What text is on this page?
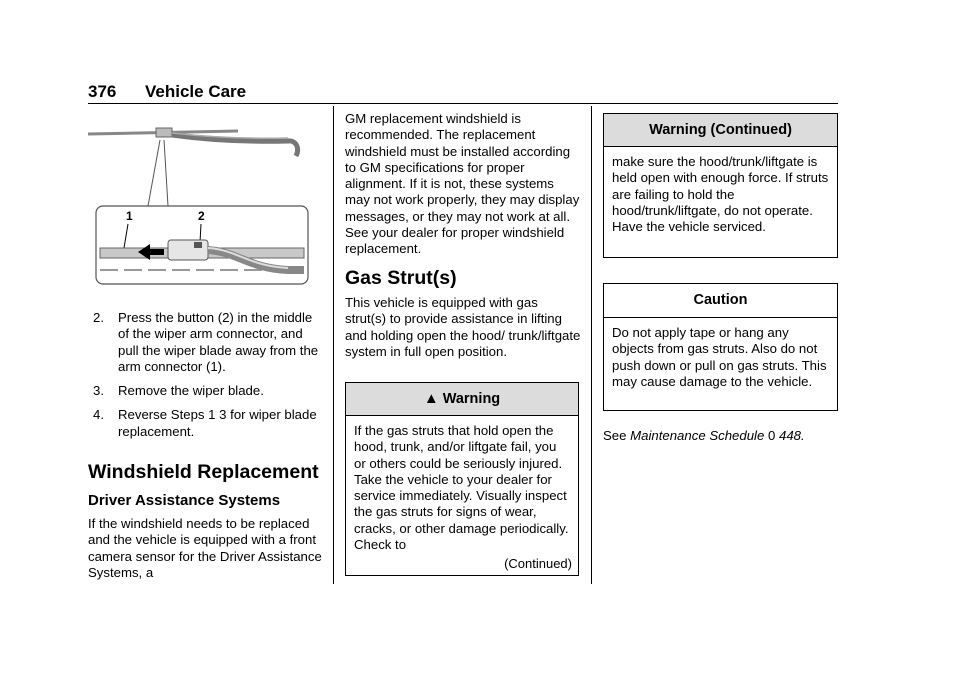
376 Vehicle Care
1	2
2. Press the button (2) in the middle of the wiper arm connector, and pull the wiper blade away from the arm connector (1).
3. Remove the wiper blade.
4. Reverse Steps 1 3 for wiper blade replacement.
Windshield Replacement
Driver Assistance Systems
If the windshield needs to be replaced and the vehicle is equipped with a front camera sensor for the Driver Assistance Systems, a
GM replacement windshield is recommended. The replacement windshield must be installed according to GM specifications for proper alignment. If it is not, these systems may not work properly, they may display messages, or they may not work at all. See your dealer for proper windshield replacement.
Gas Strut(s)
This vehicle is equipped with gas strut(s) to provide assistance in lifting and holding open the hood/ trunk/liftgate system in full open position.
▲ Warning
If the gas struts that hold open the hood, trunk, and/or liftgate fail, you or others could be seriously injured. Take the vehicle to your dealer for service immediately. Visually inspect the gas struts for signs of wear, cracks, or other damage periodically. Check to
(Continued)
Warning (Continued)
make sure the hood/trunk/liftgate is held open with enough force. If struts are failing to hold the hood/trunk/liftgate, do not operate. Have the vehicle serviced.
Caution
Do not apply tape or hang any objects from gas struts. Also do not push down or pull on gas struts. This may cause damage to the vehicle.
See Maintenance Schedule 0 448.
